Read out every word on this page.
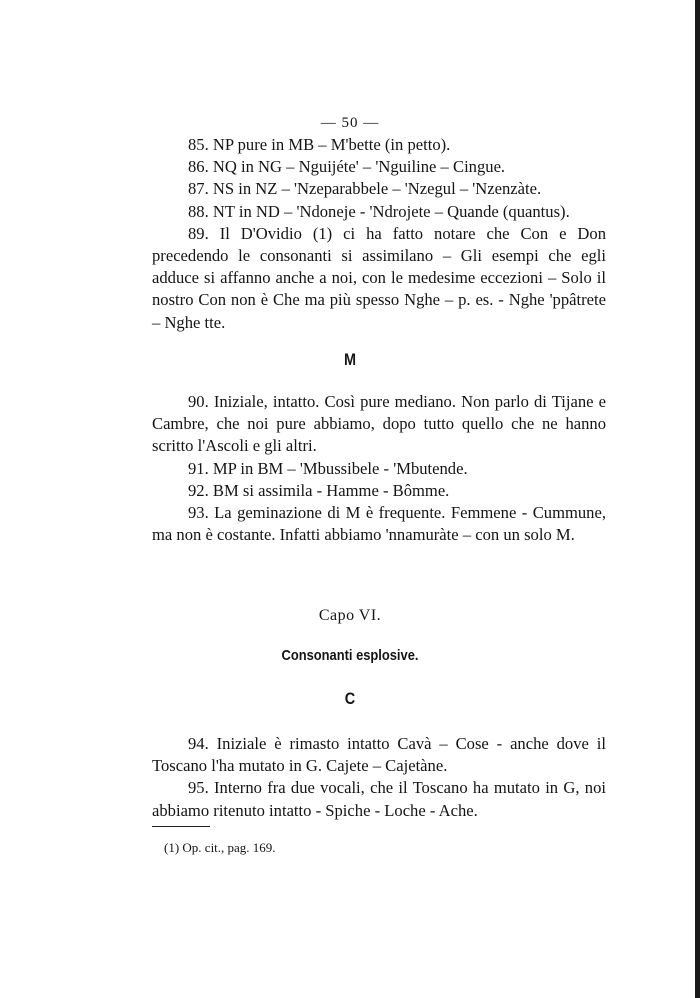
— 50 —

85. NP pure in MB – M'bette (in petto).

86. NQ in NG – Nguijéte' – 'Nguiline – Cingue.

87. NS in NZ – 'Nzeparabbele – 'Nzegul – 'Nzenzàte.

88. NT in ND – 'Ndoneje - 'Ndrojete – Quande (quantus).

89. Il D'Ovidio (1) ci ha fatto notare che Con e Don precedendo le consonanti si assimilano – Gli esempi che egli adduce si affanno anche a noi, con le medesime eccezioni – Solo il nostro Con non è Che ma più spesso Nghe – p. es. - Nghe 'ppâtrete – Nghe tte.

M

90. Iniziale, intatto. Così pure mediano. Non parlo di Tijane e Cambre, che noi pure abbiamo, dopo tutto quello che ne hanno scritto l'Ascoli e gli altri.

91. MP in BM – 'Mbussibele - 'Mbutende.

92. BM si assimila - Hamme - Bômme.

93. La geminazione di M è frequente. Femmene - Cummune, ma non è costante. Infatti abbiamo 'nnamuràte – con un solo M.

Capo VI.
Consonanti esplosive.
C

94. Iniziale è rimasto intatto Cavà – Cose - anche dove il Toscano l'ha mutato in G. Cajete – Cajetàne.

95. Interno fra due vocali, che il Toscano ha mutato in G, noi abbiamo ritenuto intatto - Spiche - Loche - Ache.

(1) Op. cit., pag. 169.
